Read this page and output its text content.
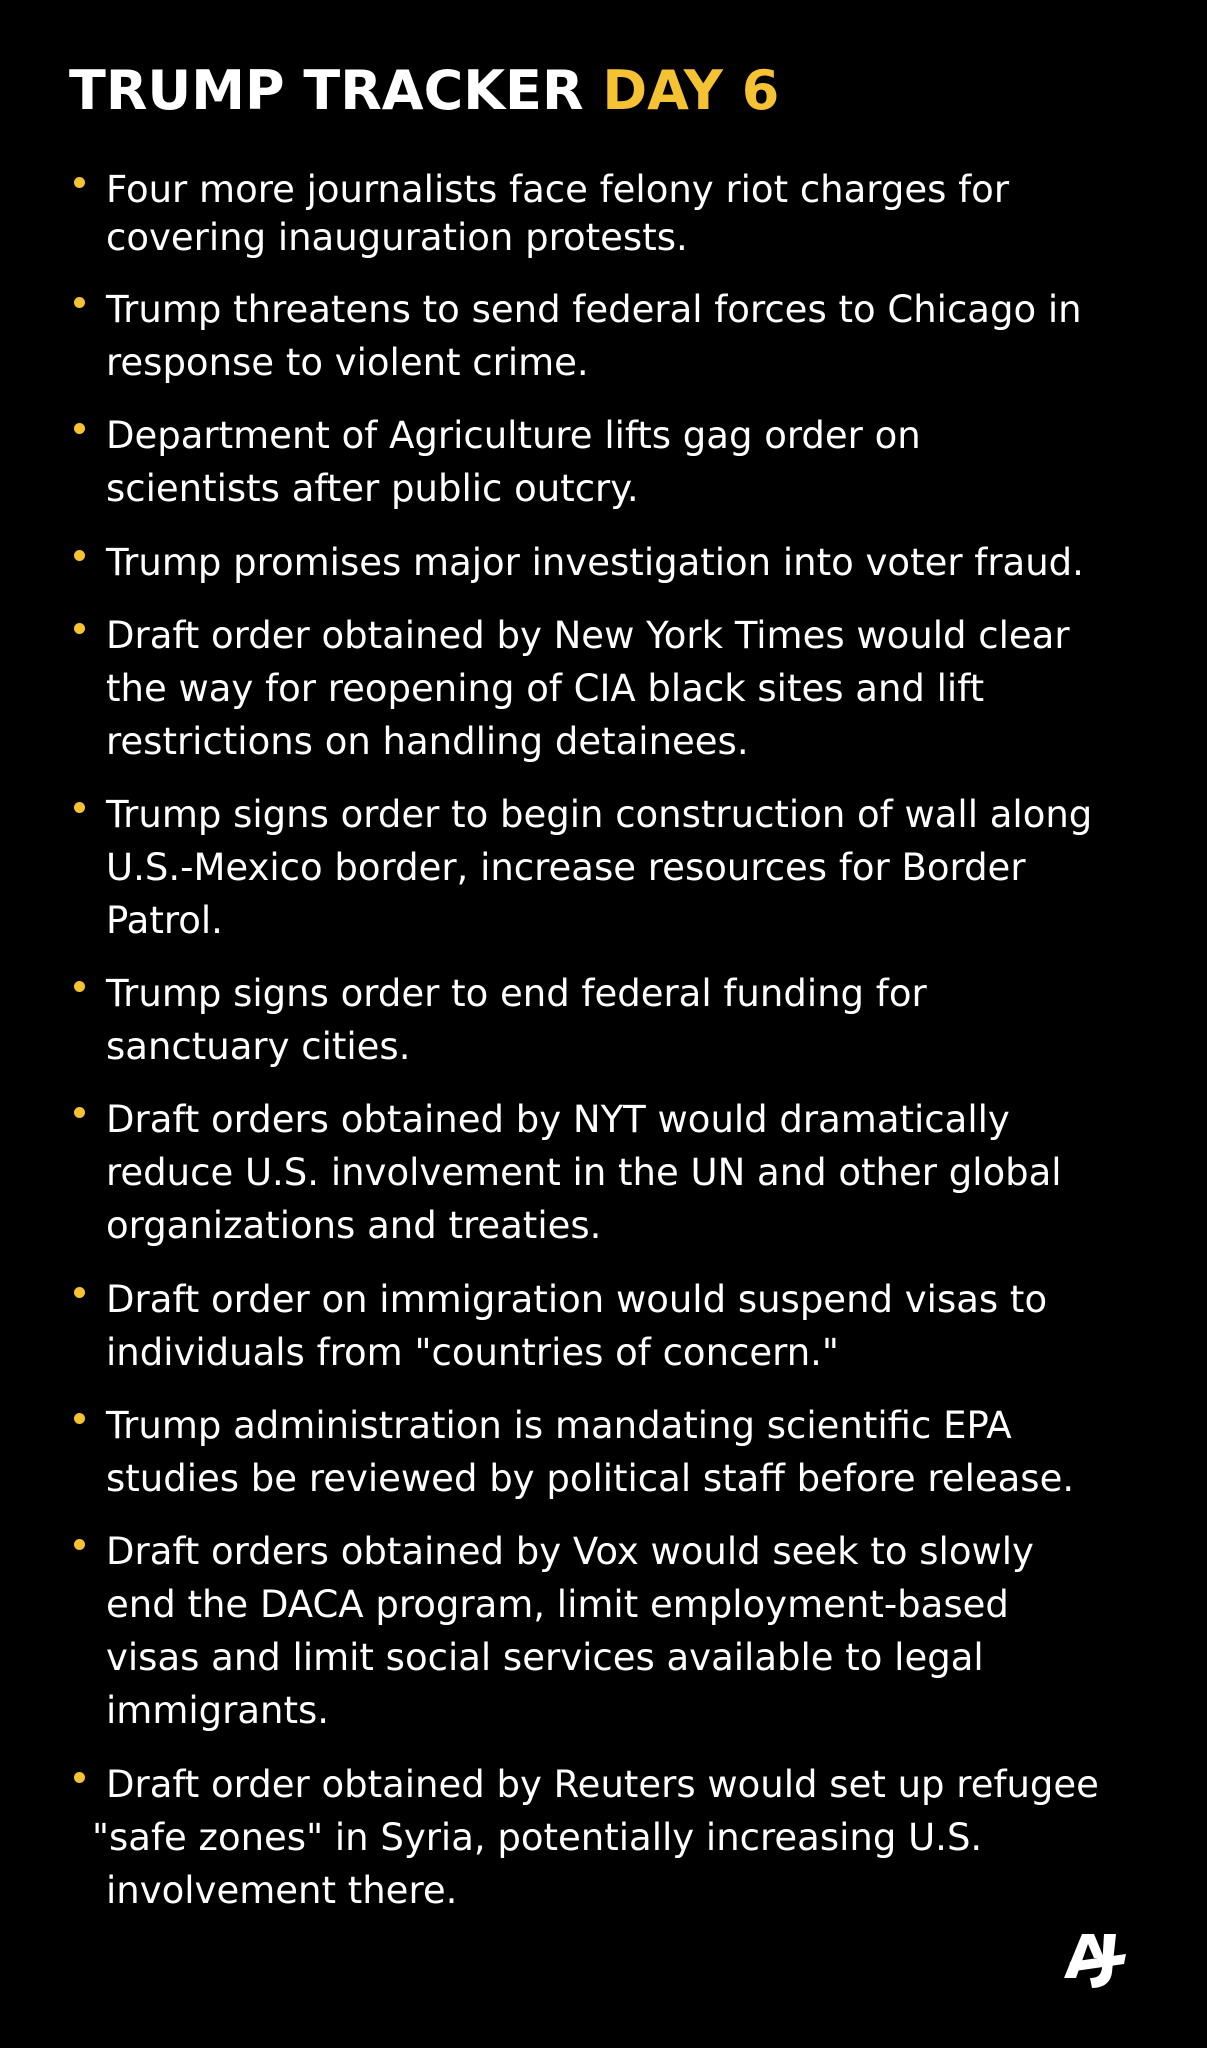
TRUMP TRACKER DAY 6
Four more journalists face felony riot charges for
covering inauguration protests.
Trump threatens to send federal forces to Chicago in
response to violent crime.
Department of Agriculture lifts gag order on
scientists after public outcry.
Trump promises major investigation into voter fraud.
Draft order obtained by New York Times would clear
the way for reopening of CIA black sites and lift
restrictions on handling detainees.
Trump signs order to begin construction of wall along
U.S.-Mexico border, increase resources for Border
Patrol.
Trump signs order to end federal funding for
sanctuary cities.
Draft orders obtained by NYT would dramatically
reduce U.S. involvement in the UN and other global
organizations and treaties.
Draft order on immigration would suspend visas to
individuals from "countries of concern."
Trump administration is mandating scientific EPA
studies be reviewed by political staff before release.
Draft orders obtained by Vox would seek to slowly
end the DACA program, limit employment-based
visas and limit social services available to legal
immigrants.
Draft order obtained by Reuters would set up refugee
"safe zones" in Syria, potentially increasing U.S.
involvement there.
